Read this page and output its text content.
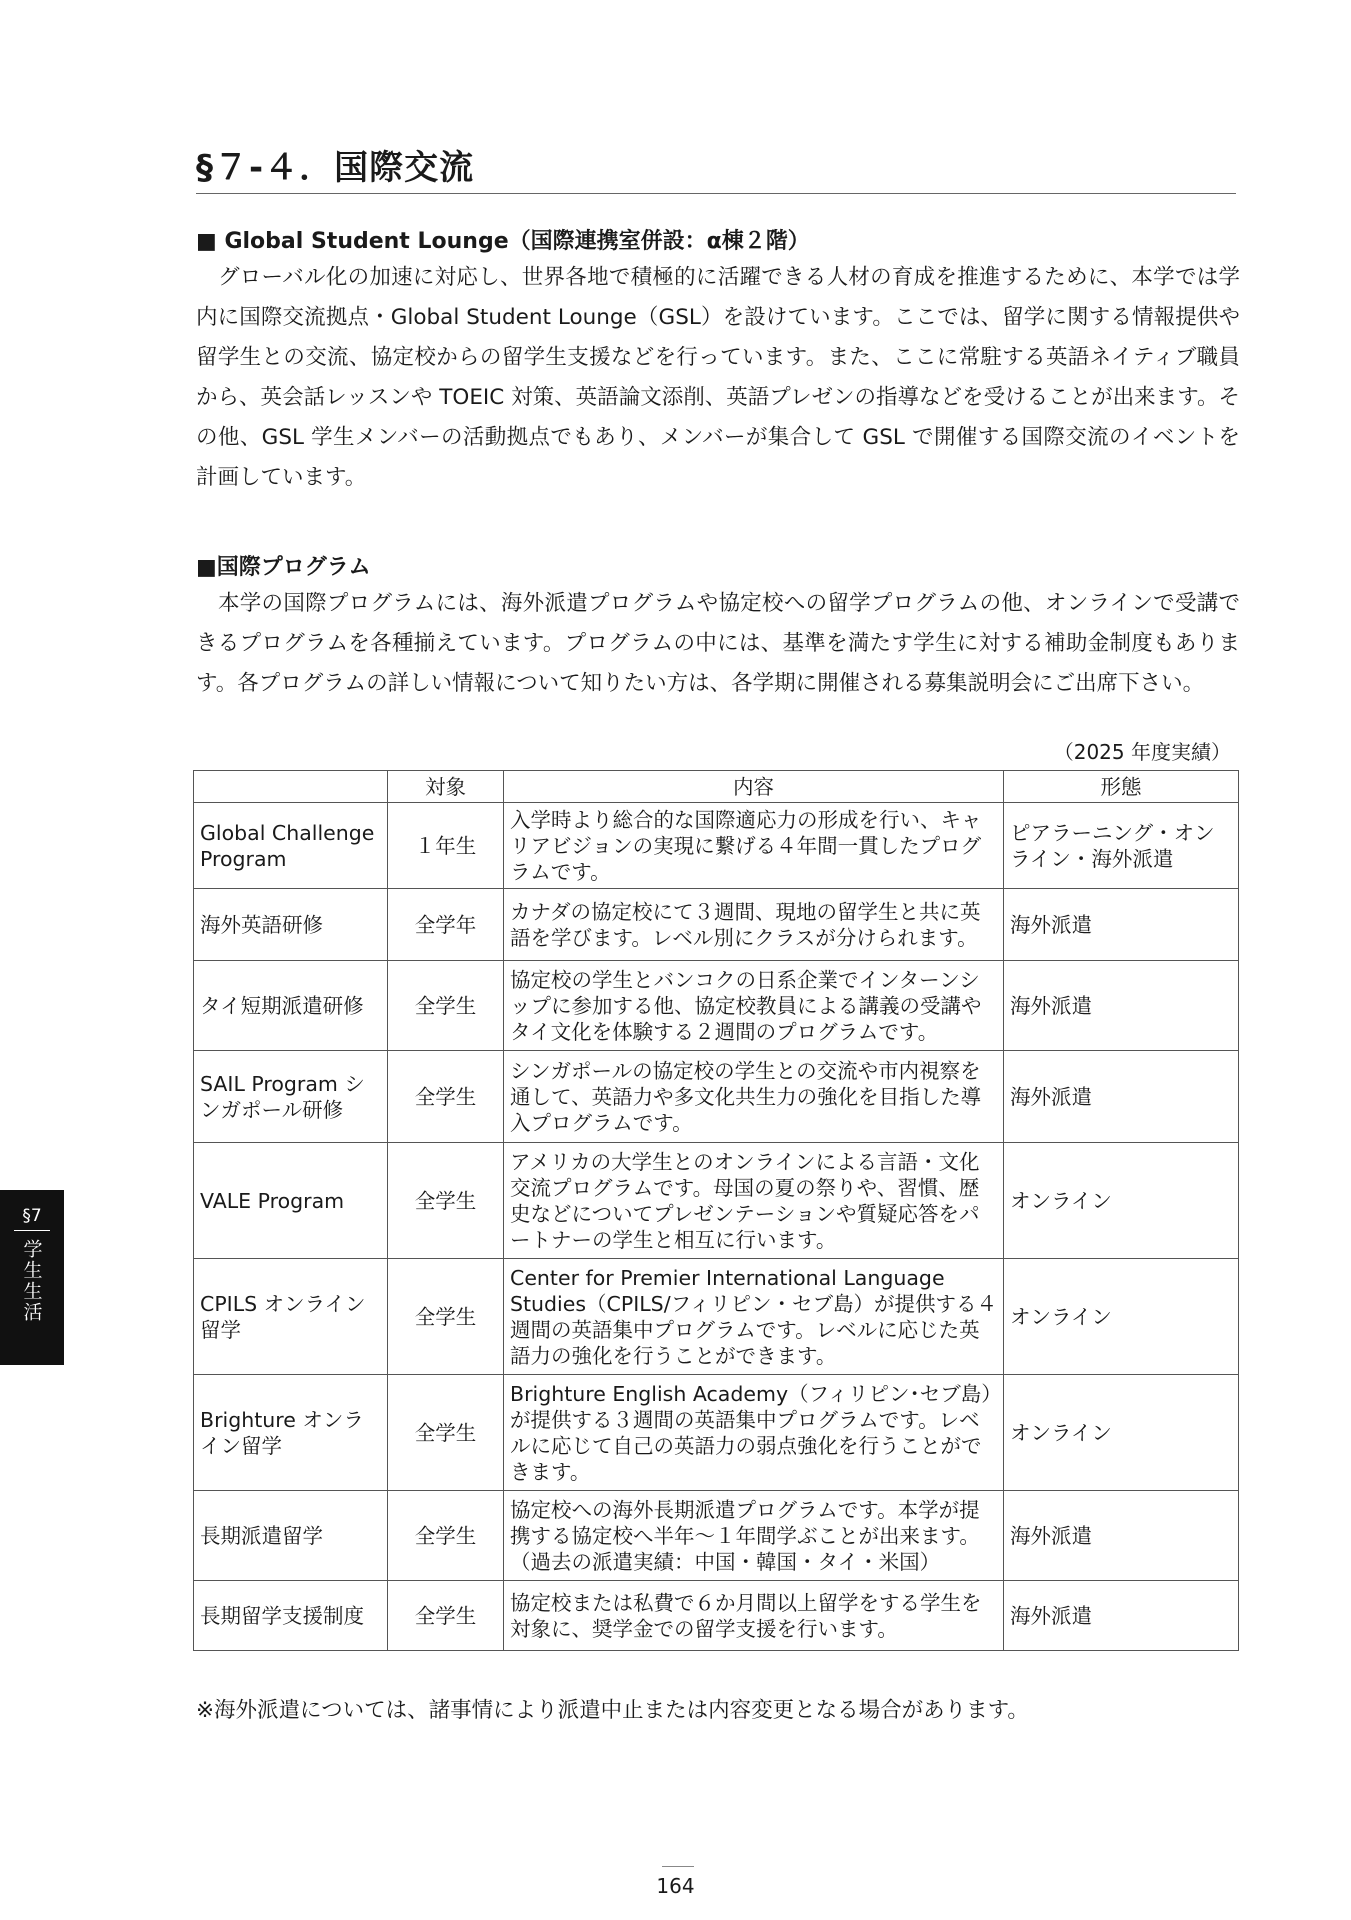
§７-４．国際交流
■ Global Student Lounge（国際連携室併設：α棟２階）

グローバル化の加速に対応し、世界各地で積極的に活躍できる人材の育成を推進するために、本学では学内に国際交流拠点・Global Student Lounge（GSL）を設けています。ここでは、留学に関する情報提供や留学生との交流、協定校からの留学生支援などを行っています。また、ここに常駐する英語ネイティブ職員から、英会話レッスンや TOEIC 対策、英語論文添削、英語プレゼンの指導などを受けることが出来ます。その他、GSL 学生メンバーの活動拠点でもあり、メンバーが集合して GSL で開催する国際交流のイベントを計画しています。

■国際プログラム

本学の国際プログラムには、海外派遣プログラムや協定校への留学プログラムの他、オンラインで受講できるプログラムを各種揃えています。プログラムの中には、基準を満たす学生に対する補助金制度もあります。各プログラムの詳しい情報について知りたい方は、各学期に開催される募集説明会にご出席下さい。

（2025 年度実績）

	対象	内容	形態
Global Challenge Program	１年生	入学時より総合的な国際適応力の形成を行い、キャリアビジョンの実現に繋げる４年間一貫したプログラムです。	ピアラーニング・オンライン・海外派遣
海外英語研修	全学年	カナダの協定校にて３週間、現地の留学生と共に英語を学びます。レベル別にクラスが分けられます。	海外派遣
タイ短期派遣研修	全学生	協定校の学生とバンコクの日系企業でインターンシップに参加する他、協定校教員による講義の受講やタイ文化を体験する２週間のプログラムです。	海外派遣
SAIL Program シンガポール研修	全学生	シンガポールの協定校の学生との交流や市内視察を通して、英語力や多文化共生力の強化を目指した導入プログラムです。	海外派遣
VALE Program	全学生	アメリカの大学生とのオンラインによる言語・文化交流プログラムです。母国の夏の祭りや、習慣、歴史などについてプレゼンテーションや質疑応答をパートナーの学生と相互に行います。	オンライン
CPILS オンライン留学	全学生	Center for Premier International Language Studies（CPILS/フィリピン・セブ島）が提供する４週間の英語集中プログラムです。レベルに応じた英語力の強化を行うことができます。	オンライン
Brighture オンライン留学	全学生	Brighture English Academy（フィリピン･セブ島）が提供する３週間の英語集中プログラムです。レベルに応じて自己の英語力の弱点強化を行うことができます。	オンライン
長期派遣留学	全学生	協定校への海外長期派遣プログラムです。本学が提携する協定校へ半年～１年間学ぶことが出来ます。（過去の派遣実績：中国・韓国・タイ・米国）	海外派遣
長期留学支援制度	全学生	協定校または私費で６か月間以上留学をする学生を対象に、奨学金での留学支援を行います。	海外派遣

※海外派遣については、諸事情により派遣中止または内容変更となる場合があります。

§7
学生生活
164
